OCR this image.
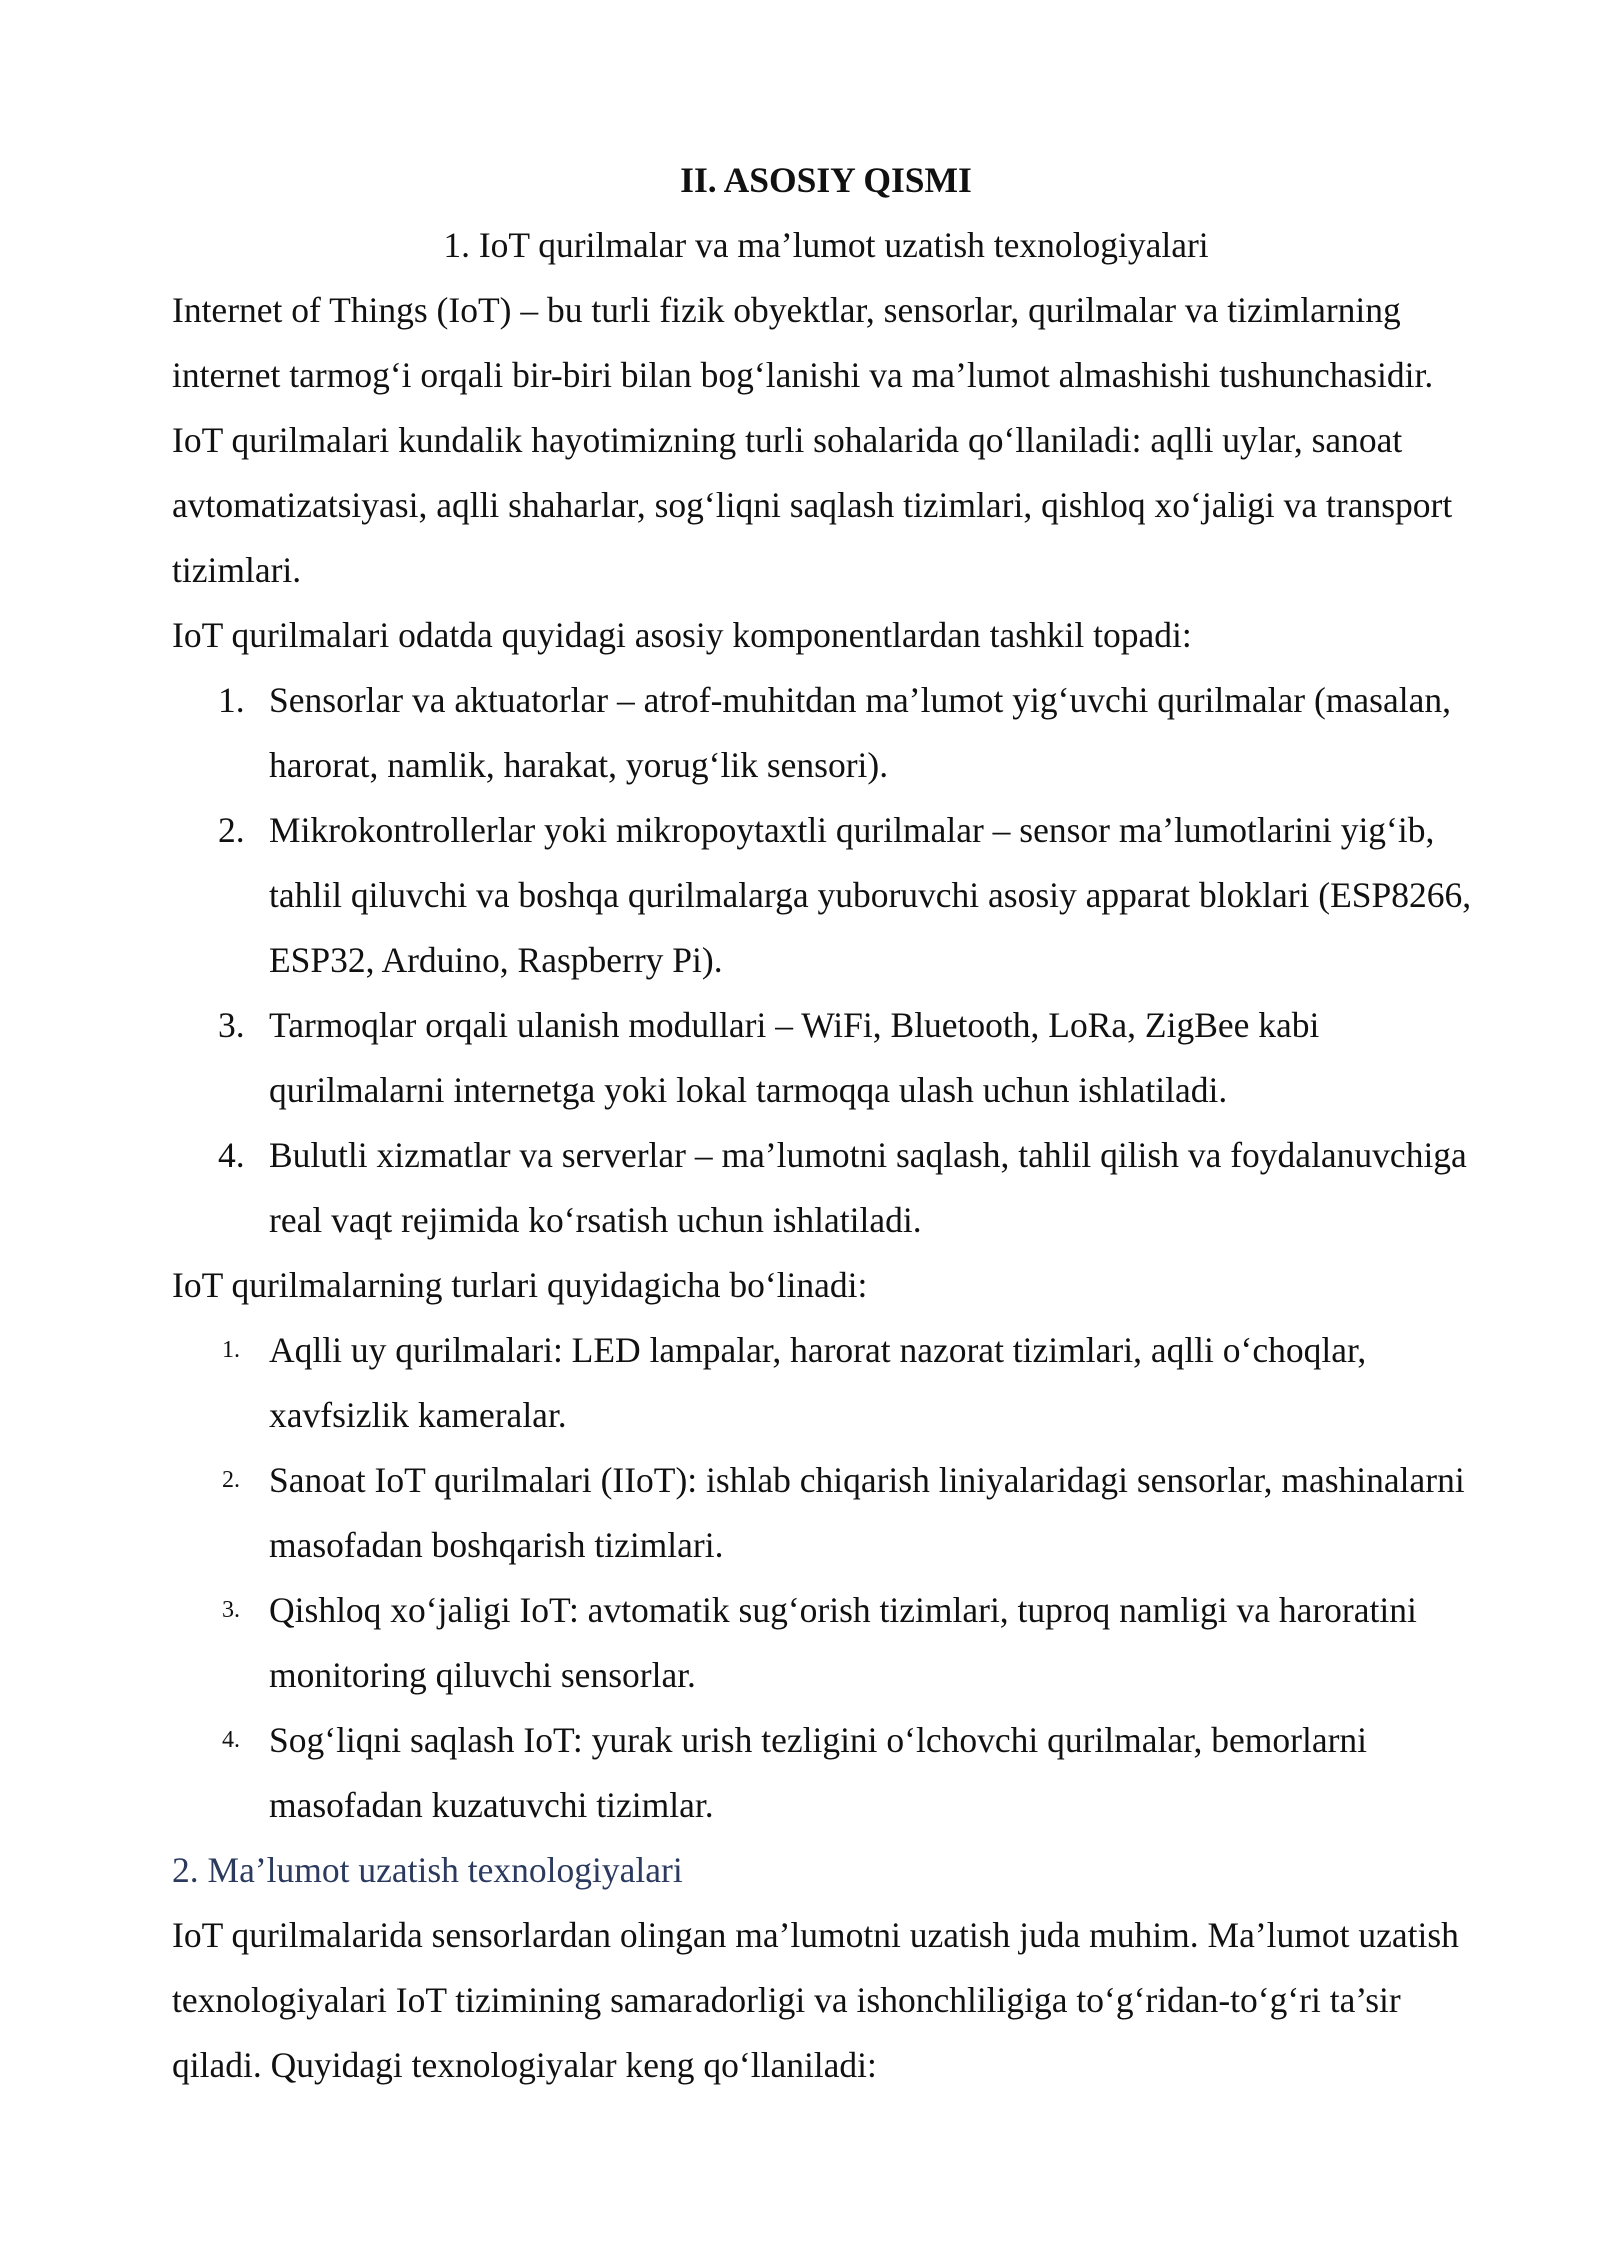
II. ASOSIY QISMI
1. IoT qurilmalar va ma’lumot uzatish texnologiyalari

Internet of Things (IoT) – bu turli fizik obyektlar, sensorlar, qurilmalar va tizimlarning internet tarmog‘i orqali bir-biri bilan bog‘lanishi va ma’lumot almashishi tushunchasidir. IoT qurilmalari kundalik hayotimizning turli sohalarida qo‘llaniladi: aqlli uylar, sanoat avtomatizatsiyasi, aqlli shaharlar, sog‘liqni saqlash tizimlari, qishloq xo‘jaligi va transport tizimlari.

IoT qurilmalari odatda quyidagi asosiy komponentlardan tashkil topadi:

1. Sensorlar va aktuatorlar – atrof-muhitdan ma’lumot yig‘uvchi qurilmalar (masalan, harorat, namlik, harakat, yorug‘lik sensori).
2. Mikrokontrollerlar yoki mikropoytaxtli qurilmalar – sensor ma’lumotlarini yig‘ib, tahlil qiluvchi va boshqa qurilmalarga yuboruvchi asosiy apparat bloklari (ESP8266, ESP32, Arduino, Raspberry Pi).
3. Tarmoqlar orqali ulanish modullari – WiFi, Bluetooth, LoRa, ZigBee kabi qurilmalarni internetga yoki lokal tarmoqqa ulash uchun ishlatiladi.
4. Bulutli xizmatlar va serverlar – ma’lumotni saqlash, tahlil qilish va foydalanuvchiga real vaqt rejimida ko‘rsatish uchun ishlatiladi.

IoT qurilmalarning turlari quyidagicha bo‘linadi:

1. Aqlli uy qurilmalari: LED lampalar, harorat nazorat tizimlari, aqlli o‘choqlar, xavfsizlik kameralar.
2. Sanoat IoT qurilmalari (IIoT): ishlab chiqarish liniyalaridagi sensorlar, mashinalarni masofadan boshqarish tizimlari.
3. Qishloq xo‘jaligi IoT: avtomatik sug‘orish tizimlari, tuproq namligi va haroratini monitoring qiluvchi sensorlar.
4. Sog‘liqni saqlash IoT: yurak urish tezligini o‘lchovchi qurilmalar, bemorlarni masofadan kuzatuvchi tizimlar.
2. Ma’lumot uzatish texnologiyalari

IoT qurilmalarida sensorlardan olingan ma’lumotni uzatish juda muhim. Ma’lumot uzatish texnologiyalari IoT tizimining samaradorligi va ishonchliligiga to‘g‘ridan-to‘g‘ri ta’sir qiladi. Quyidagi texnologiyalar keng qo‘llaniladi:
